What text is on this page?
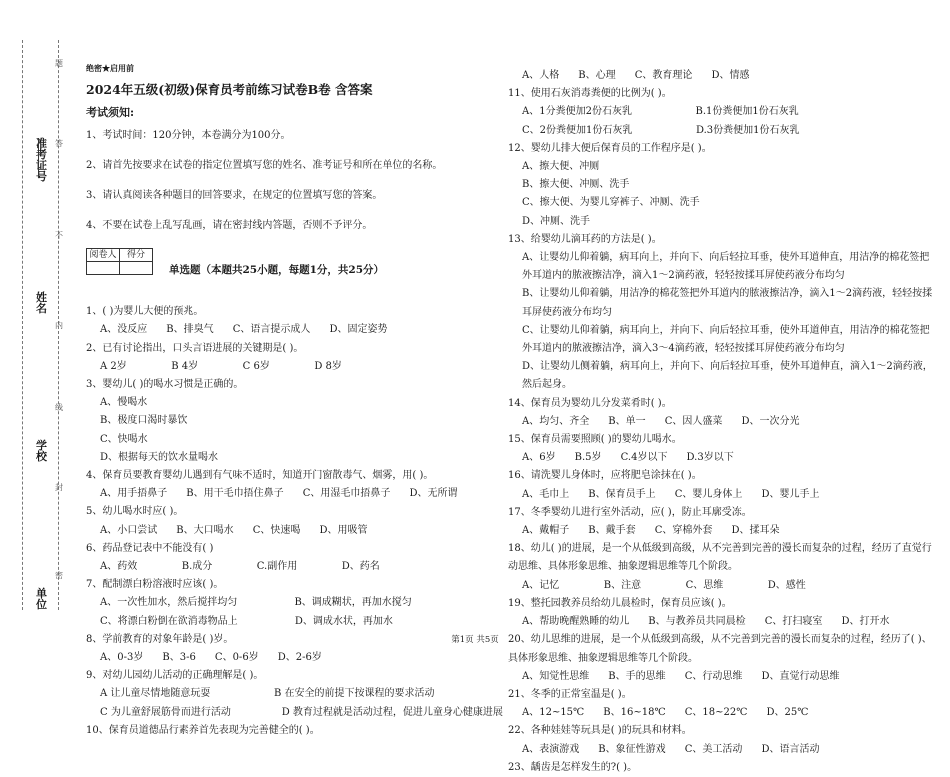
准考证号
姓名
学校
单位
题
答
不
内
线
封
密
绝密★启用前
2024年五级(初级)保育员考前练习试卷B卷 含答案
考试须知:
1、考试时间：120分钟，本卷满分为100分。
2、请首先按要求在试卷的指定位置填写您的姓名、准考证号和所在单位的名称。
3、请认真阅读各种题目的回答要求，在规定的位置填写您的答案。
4、不要在试卷上乱写乱画，请在密封线内答题，否则不予评分。
阅卷人	得分

单选题（本题共25小题，每题1分，共25分）
1、( )为婴儿大便的预兆。
A、没反应      B、排臭气      C、语言提示成人      D、固定姿势
2、已有讨论指出，口头言语进展的关键期是( )。
A 2岁              B 4岁              C 6岁              D 8岁
3、婴幼儿( )的喝水习惯是正确的。
A、慢喝水
B、极度口渴时暴饮
C、快喝水
D、根据每天的饮水量喝水
4、保育员要教育婴幼儿遇到有气味不适时，知道开门窗散毒气、烟雾，用( )。
A、用手捂鼻子      B、用干毛巾捂住鼻子      C、用湿毛巾捂鼻子      D、无所谓
5、幼儿喝水时应( )。
A、小口尝试      B、大口喝水      C、快速喝      D、用吸管
6、药品登记表中不能没有( )
A、药效              B.成分              C.副作用              D、药名
7、配制漂白粉溶液时应该( )。
A、一次性加水，然后搅拌均匀                  B、调成糊状，再加水搅匀
C、将漂白粉倒在欲消毒物品上                  D、调成水状，再加水
8、学前教育的对象年龄是( )岁。
A、0-3岁      B、3-6      C、0-6岁      D、2-6岁
9、对幼儿园幼儿活动的正确理解是( )。
A 让儿童尽情地随意玩耍                    B 在安全的前提下按课程的要求活动
C 为儿童舒展筋骨而进行活动                D 教育过程就是活动过程，促进儿童身心健康进展
10、保育员道德品行素养首先表现为完善健全的( )。
A、人格      B、心理      C、教育理论      D、情感
11、使用石灰消毒粪便的比例为( )。
A、1分粪便加2份石灰乳                    B.1份粪便加1份石灰乳
C、2份粪便加1份石灰乳                    D.3份粪便加1份石灰乳
12、婴幼儿排大便后保育员的工作程序是( )。
A、擦大便、冲厕
B、擦大便、冲厕、洗手
C、擦大便、为婴儿穿裤子、冲厕、洗手
D、冲厕、洗手
13、给婴幼儿滴耳药的方法是( )。
A、让婴幼儿仰着躺，病耳向上，并向下、向后轻拉耳垂，使外耳道伸直，用洁净的棉花签把外耳道内的脓液擦洁净，滴入1～2滴药液，轻轻按揉耳屏使药液分布均匀
B、让婴幼儿仰着躺，用洁净的棉花签把外耳道内的脓液擦洁净，滴入1～2滴药液，轻轻按揉耳屏使药液分布均匀
C、让婴幼儿仰着躺，病耳向上，并向下、向后轻拉耳垂，使外耳道伸直，用洁净的棉花签把外耳道内的脓液擦洁净，滴入3～4滴药液，轻轻按揉耳屏使药液分布均匀
D、让婴幼儿侧着躺，病耳向上，并向下、向后轻拉耳垂，使外耳道伸直，滴入1～2滴药液，然后起身。
14、保育员为婴幼儿分发菜肴时( )。
A、均匀、齐全      B、单一      C、因人盛菜      D、一次分光
15、保育员需要照顾( )的婴幼儿喝水。
A、6岁      B.5岁      C.4岁以下      D.3岁以下
16、请洗婴儿身体时，应将肥皂涂抹在( )。
A、毛巾上      B、保育员手上      C、婴儿身体上      D、婴儿手上
17、冬季婴幼儿进行室外活动，应( )，防止耳廓受冻。
A、戴帽子      B、戴手套      C、穿棉外套      D、揉耳朵
18、幼儿( )的进展，是一个从低级到高级，从不完善到完善的漫长而复杂的过程，经历了直觉行动思维、具体形象思维、抽象逻辑思维等几个阶段。
A、记忆              B、注意              C、思维              D、感性
19、整托园教养员给幼儿晨检时，保育员应该( )。
A、帮助晚醒熟睡的幼儿      B、与教养员共同晨检      C、打扫寝室      D、打开水
20、幼儿思维的进展，是一个从低级到高级，从不完善到完善的漫长而复杂的过程，经历了( )、具体形象思维、抽象逻辑思维等几个阶段。
A、知觉性思维      B、手的思维      C、行动思维      D、直觉行动思维
21、冬季的正常室温是( )。
A、12~15℃      B、16~18℃      C、18~22℃      D、25℃
22、各种娃娃等玩具是( )的玩具和材料。
A、表演游戏      B、象征性游戏      C、美工活动      D、语言活动
23、龋齿是怎样发生的?( )。
第1页 共5页
